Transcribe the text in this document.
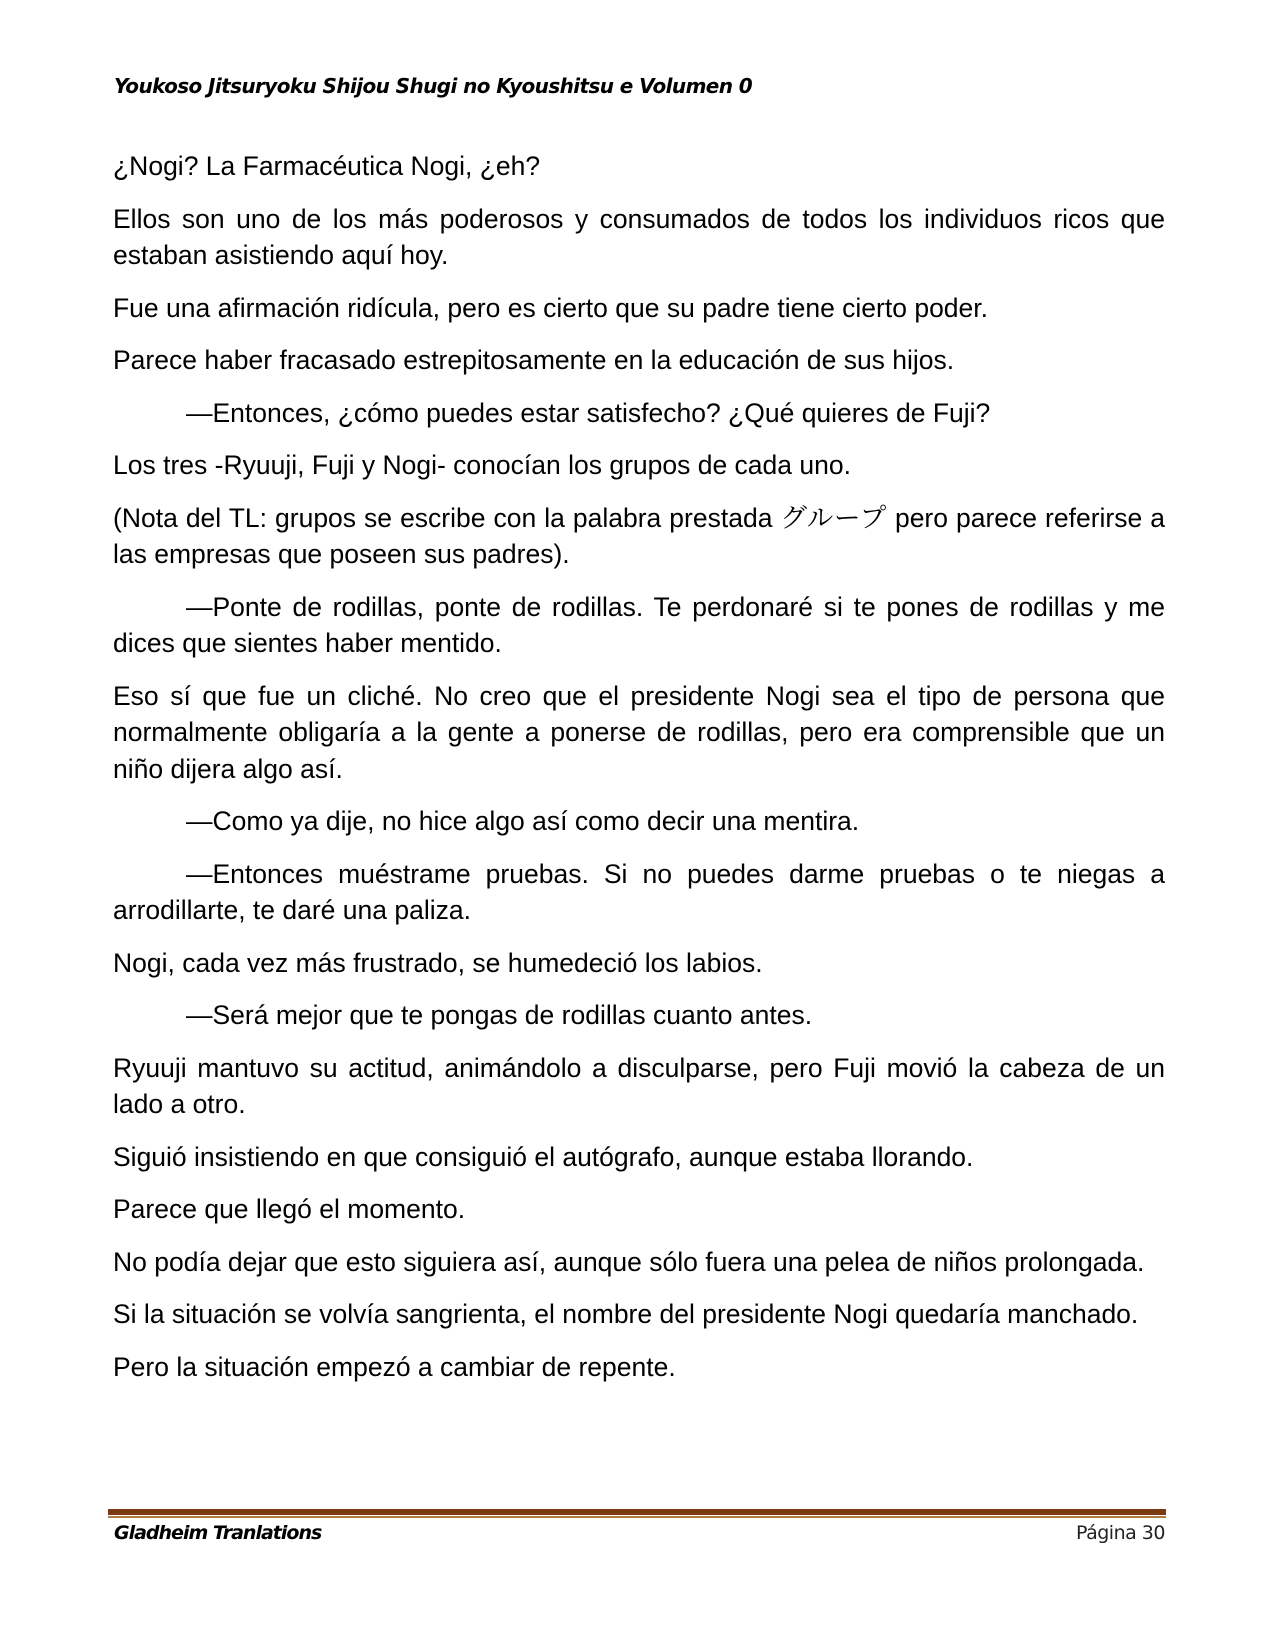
Youkoso Jitsuryoku Shijou Shugi no Kyoushitsu e Volumen 0

¿Nogi? La Farmacéutica Nogi, ¿eh?

Ellos son uno de los más poderosos y consumados de todos los individuos ricos que estaban asistiendo aquí hoy.

Fue una afirmación ridícula, pero es cierto que su padre tiene cierto poder.

Parece haber fracasado estrepitosamente en la educación de sus hijos.

—Entonces, ¿cómo puedes estar satisfecho? ¿Qué quieres de Fuji?

Los tres -Ryuuji, Fuji y Nogi- conocían los grupos de cada uno.

(Nota del TL: grupos se escribe con la palabra prestada グループ pero parece referirse a las empresas que poseen sus padres).

—Ponte de rodillas, ponte de rodillas. Te perdonaré si te pones de rodillas y me dices que sientes haber mentido.

Eso sí que fue un cliché. No creo que el presidente Nogi sea el tipo de persona que normalmente obligaría a la gente a ponerse de rodillas, pero era comprensible que un niño dijera algo así.

—Como ya dije, no hice algo así como decir una mentira.

—Entonces muéstrame pruebas. Si no puedes darme pruebas o te niegas a arrodillarte, te daré una paliza.

Nogi, cada vez más frustrado, se humedeció los labios.

—Será mejor que te pongas de rodillas cuanto antes.

Ryuuji mantuvo su actitud, animándolo a disculparse, pero Fuji movió la cabeza de un lado a otro.

Siguió insistiendo en que consiguió el autógrafo, aunque estaba llorando.

Parece que llegó el momento.

No podía dejar que esto siguiera así, aunque sólo fuera una pelea de niños prolongada.

Si la situación se volvía sangrienta, el nombre del presidente Nogi quedaría manchado.

Pero la situación empezó a cambiar de repente.

Gladheim Tranlations	Página 30
